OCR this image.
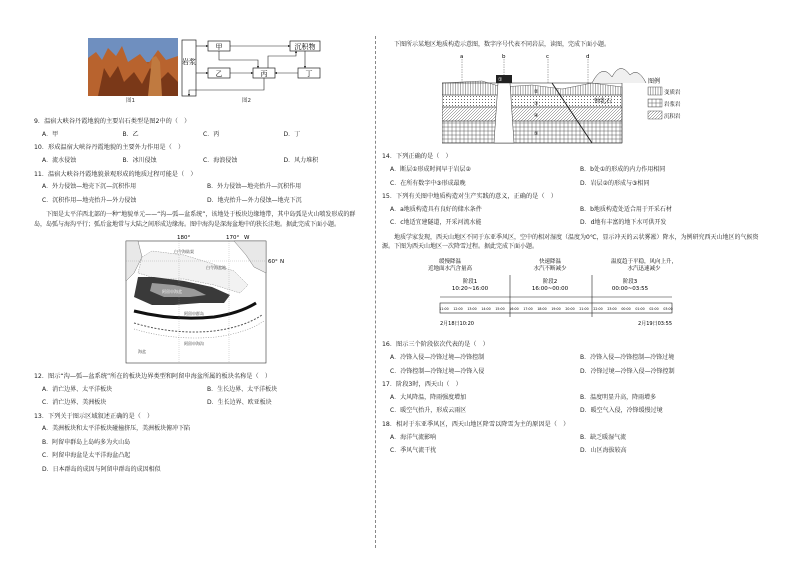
图1
岩浆
甲
乙	丙
沉积物
丁
图2
9．温宿大峡谷丹霞地貌的主要岩石类型是图2中的（　）
A．甲	B．乙	C．丙	D．丁
10．形成温宿大峡谷丹霞地貌的主要外力作用是（　）
A．流水侵蚀	B．冰川侵蚀	C．海浪侵蚀	D．风力堆积
11．温宿大峡谷丹霞地貌景观形成的地质过程可能是（　）
A．外力侵蚀—地壳下沉—沉积作用	B．外力侵蚀—地壳抬升—沉积作用
C．沉积作用—地壳抬升—外力侵蚀	D．地壳抬升—外力侵蚀—地壳下沉
下图是太平洋西北部的一种“地貌单元——“沟—弧—盆系统”，该地处于板块边缘地带，其中岛弧是火山喷发形成的群岛，岛弧与海沟平行；弧后盆地常与大陆之间形成边缘海。图中海沟是深海盆地中的狭长洼地。据此完成下面小题。
180°	170° W
60° N
白令海陆架
白令海盆地
阿留申海盆
阿留申群岛
阿留申海沟
海盆
12．图示“沟—弧—盆系统”所在的板块边界类型和阿留申海盆所属的板块名称是（　）
A．消亡边界、太平洋板块	B．生长边界、太平洋板块
C．消亡边界、美洲板块	D．生长边界、欧亚板块
13．下列关于图示区域叙述正确的是（　）
A．美洲板块和太平洋板块碰撞挤压，美洲板块俯冲下陷
B．阿留申群岛上岛屿多为火山岛
C．阿留申海盆是太平洋海盆凸起
D．日本群岛的成因与阿留申群岛的成因相似
下图所示某地区地质构造示意图，数字序号代表不同岩层，读图，完成下面小题。
a	b	c	d
①
②
③
④
⑤
钟乳石
图例
变质岩
岩浆岩
沉积岩
14．下列正确的是（　）
A．断层①形成时间早于岩层②	B．b处①的形成的内力作用相同
C．在所有数字中③形成最晚	D．岩层②的形成与③相同
15．下列有关图中地质构造对生产实践的意义，正确的是（　）
A．a地质构造具有良好的储水条件	B．b地质构造处适合用于开采石材
C．c地适宜建隧道，开采河流水能	D．d地有丰富的地下水可供开发
地质学家发现，西天山地区不同于东亚季风区，空中的相对湿度（温度为0℃，显示冲天的云状雾凇）降水，为例研究西天山地区的气候资源。下图为西天山地区一次降雪过程。据此完成下面小题。
缓慢降温
近地面水汽含量高
快速降温
水汽不断减少
温度趋于平稳，风向上升，
水汽迅速减少
阶段1
10:20~16:00
阶段2
16:00~00:00
阶段3
00:00~03:55
11:00 12:00 13:00 14:00 15:00 16:00 17:00 18:00 19:00 20:00 21:00 22:00 23:00 00:00 01:00 02:00 03:00
2月18日10:20	2月19日03:55
16．图示三个阶段依次代表的是（　）
A．冷锋入侵—冷锋过境—冷锋控制	B．冷锋入侵—冷锋控制—冷锋过境
C．冷锋控制—冷锋过境—冷锋入侵	D．冷锋过境—冷锋入侵—冷锋控制
17．阶段3时，西天山（　）
A．大风降温，降雨强度增加	B．温度明显升高，降雨增多
C．暖空气抬升，形成云雨区	D．暖空气入侵，冷锋缓慢过境
18．相对于东亚季风区，西天山地区降雪以降雪为主的原因是（　）
A．海洋气流影响	B．缺乏暖湿气流
C．季风气流干扰	D．山区海拔较高
